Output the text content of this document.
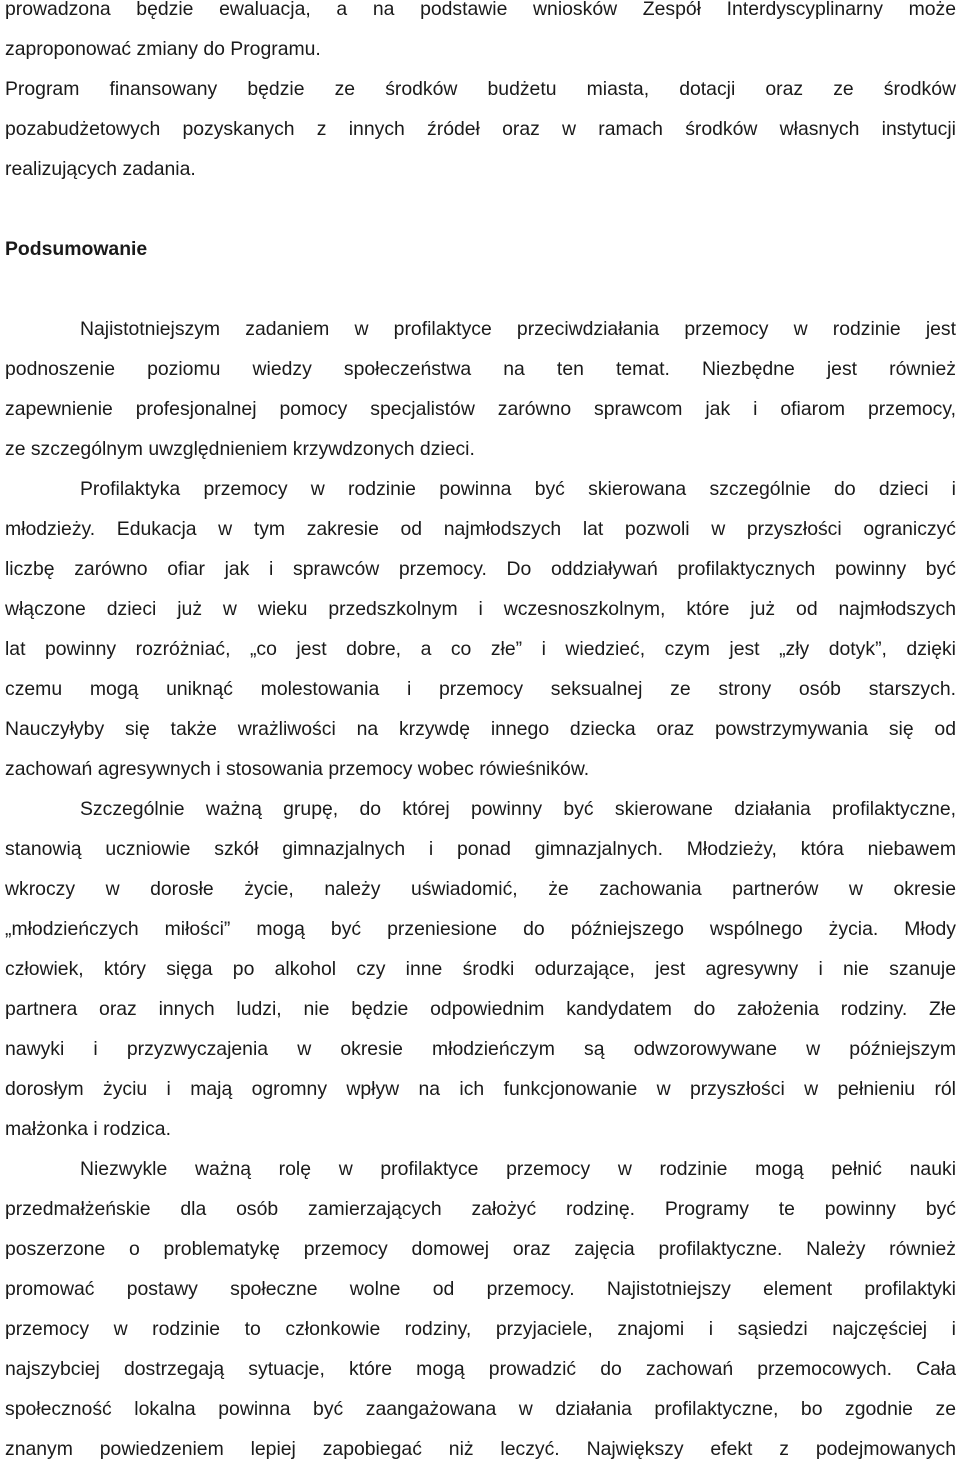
prowadzona będzie ewaluacja, a na podstawie wniosków Zespół Interdyscyplinarny może
zaproponować zmiany do Programu.
Program finansowany będzie ze środków budżetu miasta, dotacji oraz ze środków
pozabudżetowych pozyskanych z innych źródeł oraz w ramach środków własnych instytucji
realizujących zadania.
Podsumowanie
Najistotniejszym zadaniem w profilaktyce przeciwdziałania przemocy w rodzinie jest
podnoszenie poziomu wiedzy społeczeństwa na ten temat. Niezbędne jest również
zapewnienie profesjonalnej pomocy specjalistów zarówno sprawcom jak i ofiarom przemocy,
ze szczególnym uwzględnieniem krzywdzonych dzieci.
Profilaktyka przemocy w rodzinie powinna być skierowana szczególnie do dzieci i
młodzieży. Edukacja w tym zakresie od najmłodszych lat pozwoli w przyszłości ograniczyć
liczbę zarówno ofiar jak i sprawców przemocy. Do oddziaływań profilaktycznych powinny być
włączone dzieci już w wieku przedszkolnym i wczesnoszkolnym, które już od najmłodszych
lat powinny rozróżniać, „co jest dobre, a co złe” i wiedzieć, czym jest „zły dotyk”, dzięki
czemu mogą uniknąć molestowania i przemocy seksualnej ze strony osób starszych.
Nauczyłyby się także wrażliwości na krzywdę innego dziecka oraz powstrzymywania się od
zachowań agresywnych i stosowania przemocy wobec rówieśników.
Szczególnie ważną grupę, do której powinny być skierowane działania profilaktyczne,
stanowią uczniowie szkół gimnazjalnych i ponad gimnazjalnych. Młodzieży, która niebawem
wkroczy w dorosłe życie, należy uświadomić, że zachowania partnerów w okresie
„młodzieńczych miłości” mogą być przeniesione do późniejszego wspólnego życia. Młody
człowiek, który sięga po alkohol czy inne środki odurzające, jest agresywny i nie szanuje
partnera oraz innych ludzi, nie będzie odpowiednim kandydatem do założenia rodziny. Złe
nawyki i przyzwyczajenia w okresie młodzieńczym są odwzorowywane w późniejszym
dorosłym życiu i mają ogromny wpływ na ich funkcjonowanie w przyszłości w pełnieniu ról
małżonka i rodzica.
Niezwykle ważną rolę w profilaktyce przemocy w rodzinie mogą pełnić nauki
przedmałżeńskie dla osób zamierzających założyć rodzinę. Programy te powinny być
poszerzone o problematykę przemocy domowej oraz zajęcia profilaktyczne. Należy również
promować postawy społeczne wolne od przemocy. Najistotniejszy element profilaktyki
przemocy w rodzinie to członkowie rodziny, przyjaciele, znajomi i sąsiedzi najczęściej i
najszybciej dostrzegają sytuacje, które mogą prowadzić do zachowań przemocowych. Cała
społeczność lokalna powinna być zaangażowana w działania profilaktyczne, bo zgodnie ze
znanym powiedzeniem lepiej zapobiegać niż leczyć. Największy efekt z podejmowanych
